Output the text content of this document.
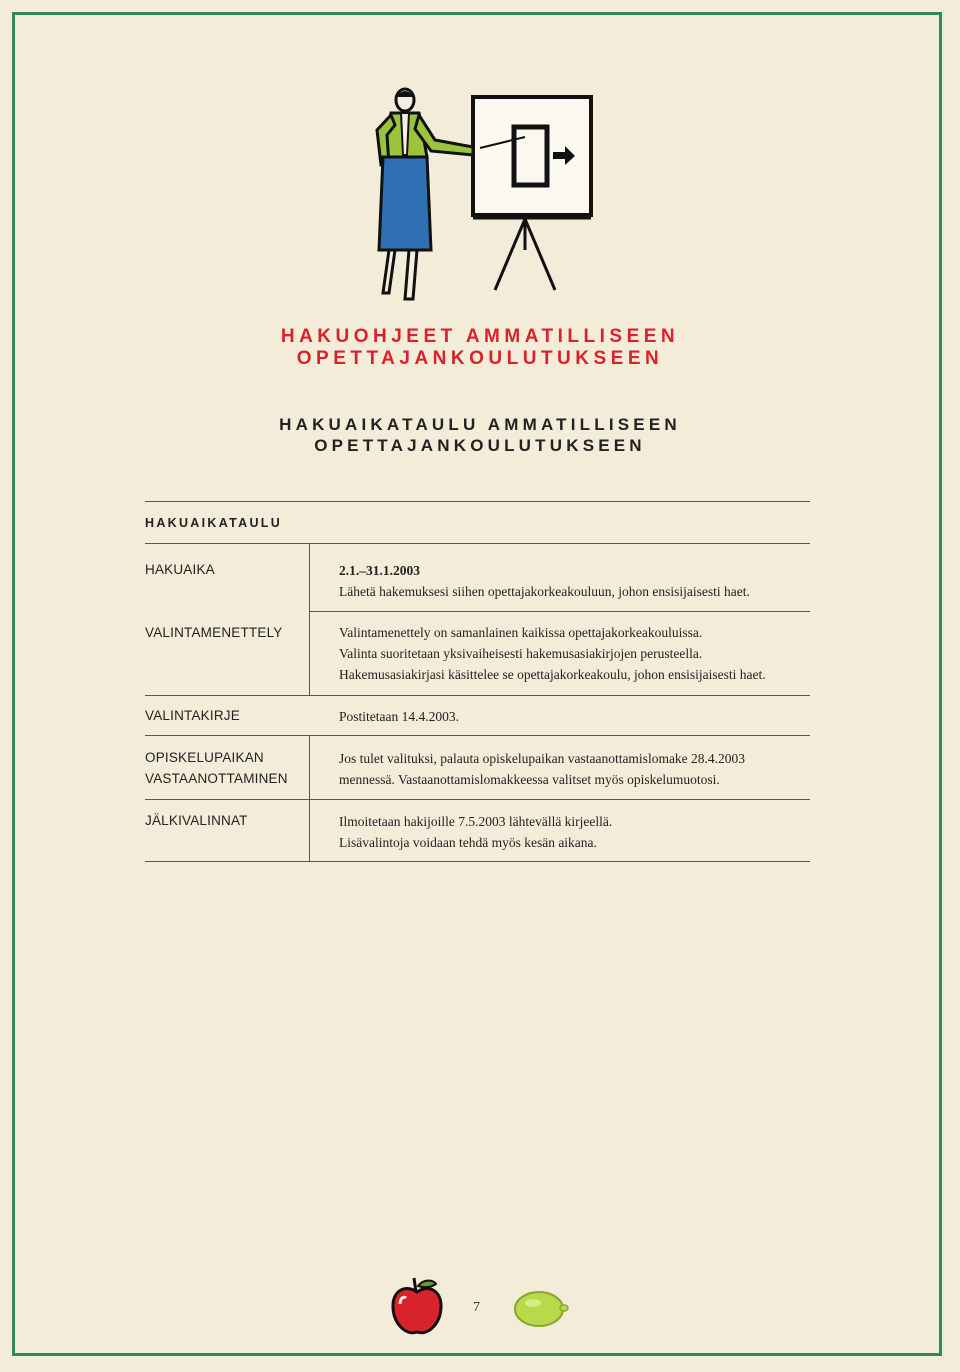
HAKUOHJEET AMMATILLISEEN
OPETTAJANKOULUTUKSEEN
HAKUAIKATAULU AMMATILLISEEN
OPETTAJANKOULUTUKSEEN
HAKUAIKATAULU
HAKUAIKA	2.1.–31.1.2003
Lähetä hakemuksesi siihen opettajakorkeakouluun, johon ensisijaisesti haet.
VALINTAMENETTELY	Valintamenettely on samanlainen kaikissa opettajakorkeakouluissa.
Valinta suoritetaan yksivaiheisesti hakemusasiakirjojen perusteella.
Hakemusasiakirjasi käsittelee se opettajakorkeakoulu, johon ensisijaisesti haet.
VALINTAKIRJE	Postitetaan 14.4.2003.
OPISKELUPAIKAN
VASTAANOTTAMINEN
Jos tulet valituksi, palauta opiskelupaikan vastaanottamislomake 28.4.2003
mennessä. Vastaanottamislomakkeessa valitset myös opiskelumuotosi.
JÄLKIVALINNAT	Ilmoitetaan hakijoille 7.5.2003 lähtevällä kirjeellä.
Lisävalintoja voidaan tehdä myös kesän aikana.
7
